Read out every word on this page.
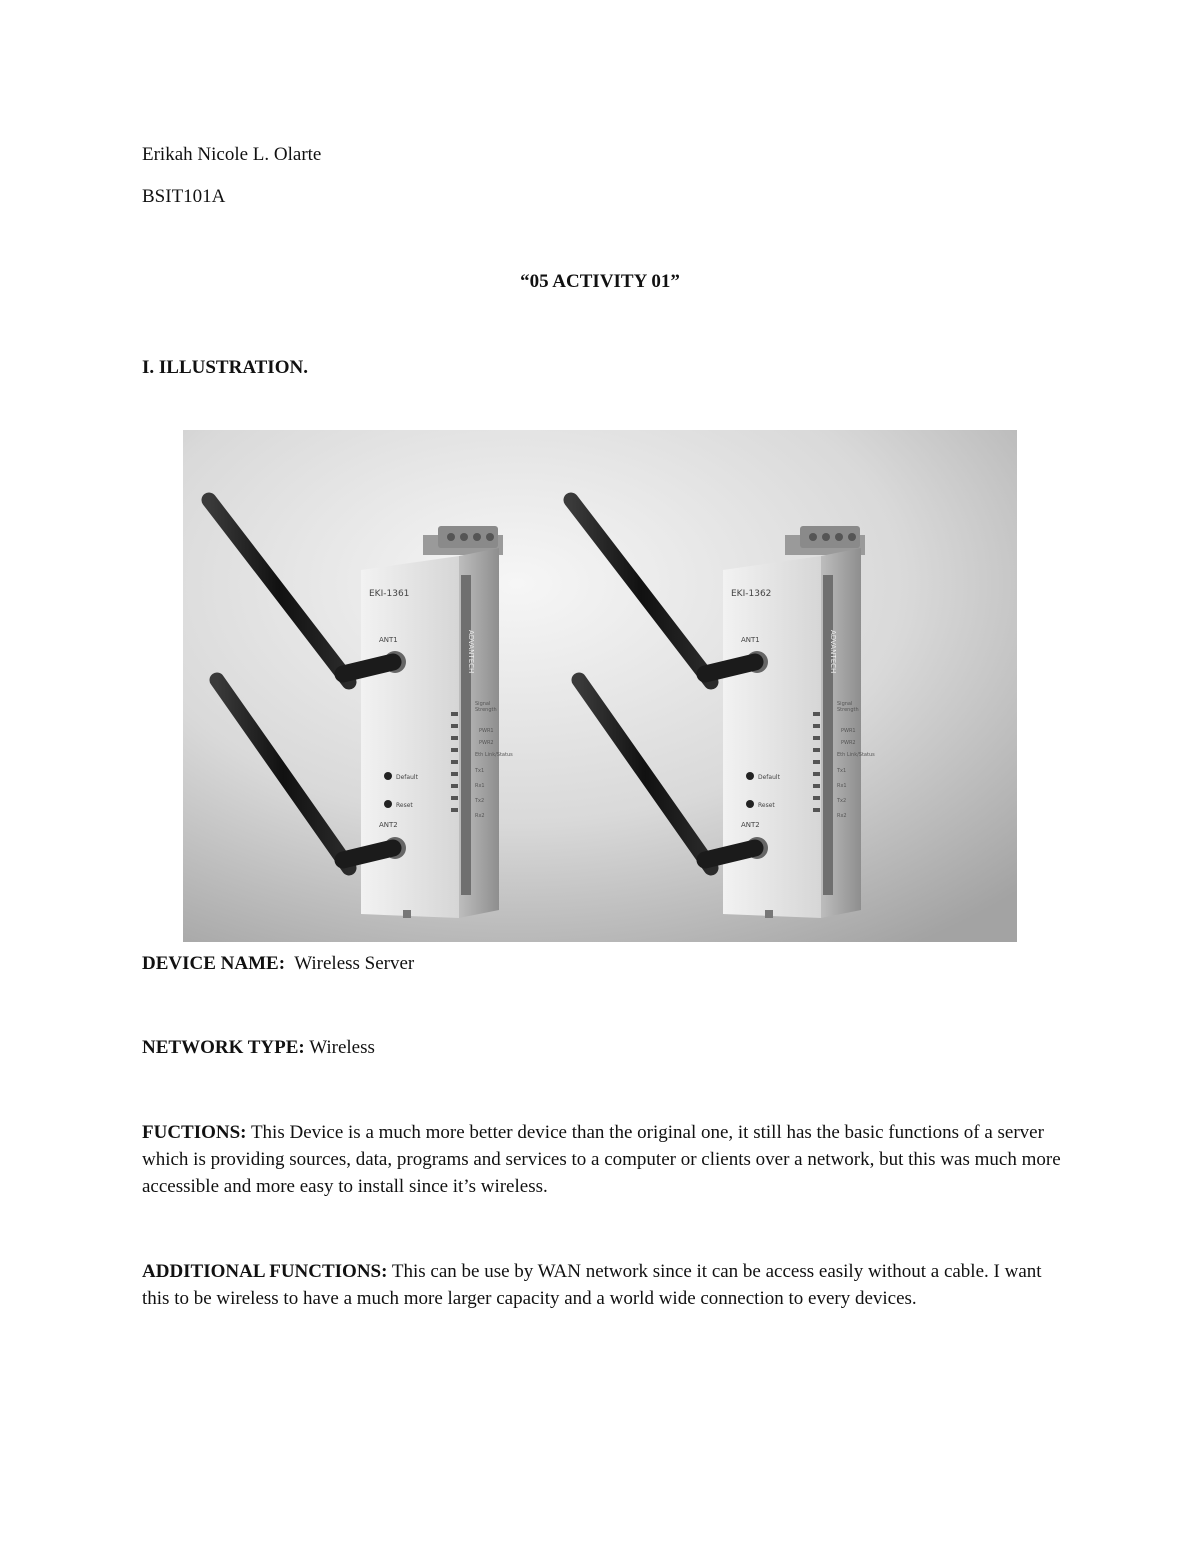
Erikah Nicole L. Olarte
BSIT101A
“05 ACTIVITY 01”
I. ILLUSTRATION.
ADVANTECH
EKI-1361
ANT1
ANT2
Signal
Strength
PWR1
PWR2
Eth Link/Status
Tx1
Rx1
Tx2
Rx2
Default
Reset
ADVANTECH
EKI-1362
ANT1
ANT2
Signal
Strength
PWR1
PWR2
Eth Link/Status
Tx1
Rx1
Tx2
Rx2
Default
Reset
DEVICE NAME: Wireless Server
NETWORK TYPE: Wireless
FUCTIONS: This Device is a much more better device than the original one, it still has the basic functions of a server which is providing sources, data, programs and services to a computer or clients over a network, but this was much more accessible and more easy to install since it’s wireless.
ADDITIONAL FUNCTIONS: This can be use by WAN network since it can be access easily without a cable. I want this to be wireless to have a much more larger capacity and a world wide connection to every devices.
